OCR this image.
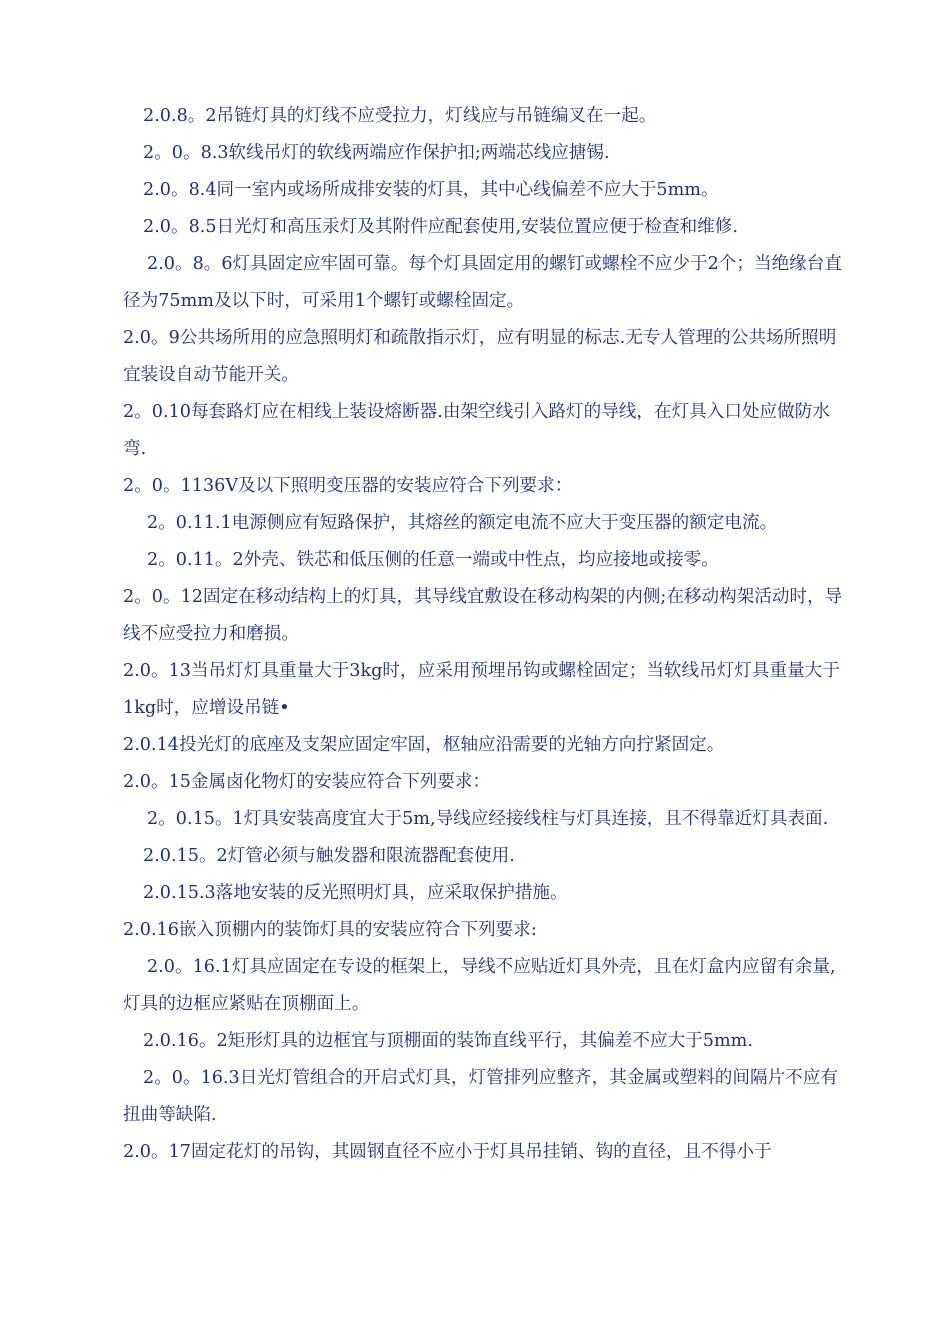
2.0.8。2吊链灯具的灯线不应受拉力，灯线应与吊链编叉在一起。

2。0。8.3软线吊灯的软线两端应作保护扣;两端芯线应搪锡.

2.0。8.4同一室内或场所成排安装的灯具，其中心线偏差不应大于5mm。

2.0。8.5日光灯和高压汞灯及其附件应配套使用,安装位置应便于检查和维修.

2.0。8。6灯具固定应牢固可靠。每个灯具固定用的螺钉或螺栓不应少于2个；当绝缘台直径为75mm及以下时，可采用1个螺钉或螺栓固定。

2.0。9公共场所用的应急照明灯和疏散指示灯，应有明显的标志.无专人管理的公共场所照明宜装设自动节能开关。

2。0.10每套路灯应在相线上装设熔断器.由架空线引入路灯的导线，在灯具入口处应做防水弯.

2。0。1136V及以下照明变压器的安装应符合下列要求：

2。0.11.1电源侧应有短路保护，其熔丝的额定电流不应大于变压器的额定电流。

2。0.11。2外壳、铁芯和低压侧的任意一端或中性点，均应接地或接零。

2。0。12固定在移动结构上的灯具，其导线宜敷设在移动构架的内侧;在移动构架活动时，导线不应受拉力和磨损。

2.0。13当吊灯灯具重量大于3kg时，应采用预埋吊钩或螺栓固定；当软线吊灯灯具重量大于1kg时，应增设吊链•

2.0.14投光灯的底座及支架应固定牢固，枢轴应沿需要的光轴方向拧紧固定。

2.0。15金属卤化物灯的安装应符合下列要求：

2。0.15。1灯具安装高度宜大于5m,导线应经接线柱与灯具连接，且不得靠近灯具表面.

2.0.15。2灯管必须与触发器和限流器配套使用.

2.0.15.3落地安装的反光照明灯具，应采取保护措施。

2.0.16嵌入顶棚内的装饰灯具的安装应符合下列要求:

2.0。16.1灯具应固定在专设的框架上，导线不应贴近灯具外壳，且在灯盒内应留有余量,灯具的边框应紧贴在顶棚面上。

2.0.16。2矩形灯具的边框宜与顶棚面的装饰直线平行，其偏差不应大于5mm.

2。0。16.3日光灯管组合的开启式灯具，灯管排列应整齐，其金属或塑料的间隔片不应有扭曲等缺陷.

2.0。17固定花灯的吊钩，其圆钢直径不应小于灯具吊挂销、钩的直径，且不得小于
